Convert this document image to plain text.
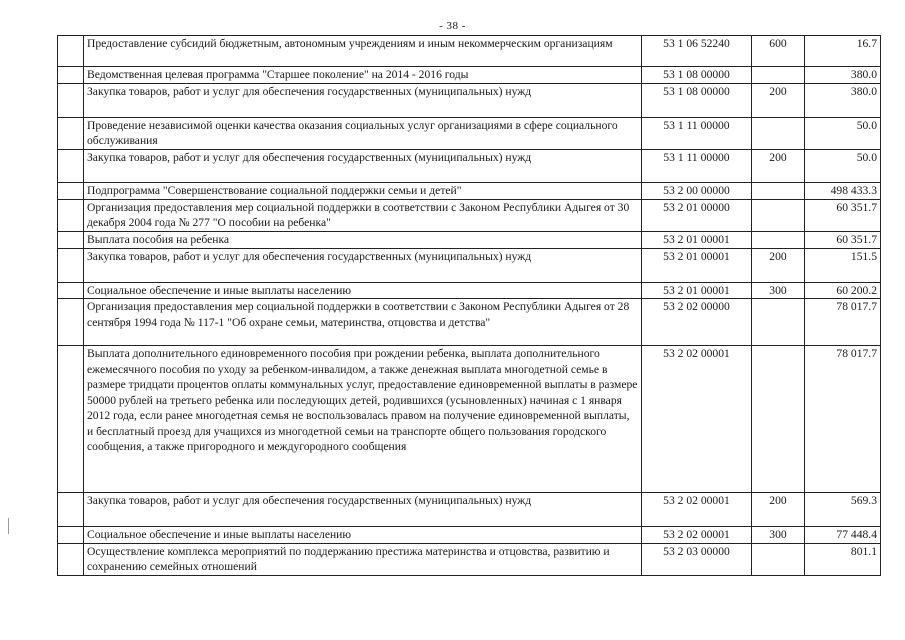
- 38 -
	Предоставление субсидий бюджетным, автономным учреждениям и иным некоммерческим организациям	53 1 06 52240	600	16.7
	Ведомственная целевая программа "Старшее поколение" на 2014 - 2016 годы	53 1 08 00000		380.0
	Закупка товаров, работ и услуг для обеспечения государственных (муниципальных) нужд	53 1 08 00000	200	380.0
	Проведение независимой оценки качества оказания социальных услуг организациями в сфере социального обслуживания	53 1 11 00000		50.0
	Закупка товаров, работ и услуг для обеспечения государственных (муниципальных) нужд	53 1 11 00000	200	50.0
	Подпрограмма "Совершенствование социальной поддержки семьи и детей"	53 2 00 00000		498 433.3
	Организация предоставления мер социальной поддержки в соответствии с Законом Республики Адыгея от 30 декабря 2004 года № 277 "О пособии на ребенка"	53 2 01 00000		60 351.7
	Выплата пособия на ребенка	53 2 01 00001		60 351.7
	Закупка товаров, работ и услуг для обеспечения государственных (муниципальных) нужд	53 2 01 00001	200	151.5
	Социальное обеспечение и иные выплаты населению	53 2 01 00001	300	60 200.2
	Организация предоставления мер социальной поддержки в соответствии с Законом Республики Адыгея от 28 сентября 1994 года № 117-1 "Об охране семьи, материнства, отцовства и детства"	53 2 02 00000		78 017.7
	Выплата дополнительного единовременного пособия при рождении ребенка, выплата дополнительного ежемесячного пособия по уходу за ребенком-инвалидом, а также денежная выплата многодетной семье в размере тридцати процентов оплаты коммунальных услуг, предоставление единовременной выплаты в размере 50000 рублей на третьего ребенка или последующих детей, родившихся (усыновленных) начиная с 1 января 2012 года, если ранее многодетная семья не воспользовалась правом на получение единовременной выплаты, и бесплатный проезд для учащихся из многодетной семьи на транспорте общего пользования городского сообщения, а также пригородного и междугородного сообщения	53 2 02 00001		78 017.7
	Закупка товаров, работ и услуг для обеспечения государственных (муниципальных) нужд	53 2 02 00001	200	569.3
	Социальное обеспечение и иные выплаты населению	53 2 02 00001	300	77 448.4
	Осуществление комплекса мероприятий по поддержанию престижа материнства и отцовства, развитию и сохранению семейных отношений	53 2 03 00000		801.1
